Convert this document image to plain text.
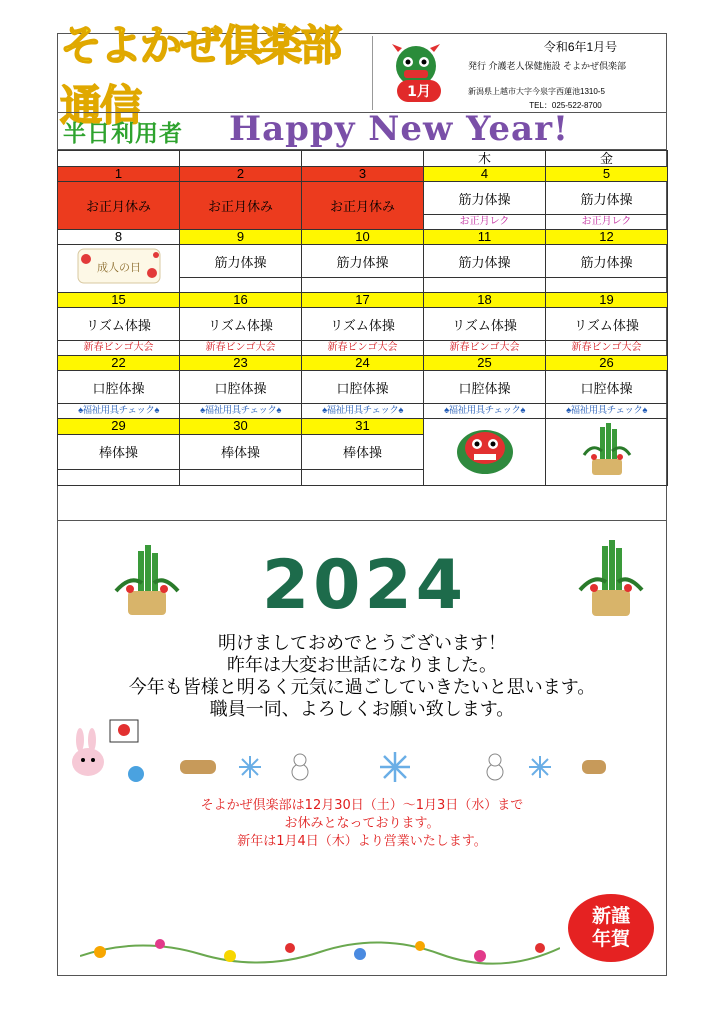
そよかぜ倶楽部 通信	1月
令和6年1月号
発行 介護老人保健施設 そよかぜ倶楽部
新潟県上越市大字今泉字西蓮池1310-5
TEL：025-522-8700
半日利用者 Happy New Year!
			木	金
1	2	3	4	5
お正月休み	お正月休み	お正月休み	筋力体操	筋力体操
			お正月レク	お正月レク
8	9	10	11	12

成人の日	筋力体操	筋力体操	筋力体操	筋力体操

15	16	17	18	19
リズム体操	リズム体操	リズム体操	リズム体操	リズム体操
新春ビンゴ大会	新春ビンゴ大会	新春ビンゴ大会	新春ビンゴ大会	新春ビンゴ大会
22	23	24	25	26
口腔体操	口腔体操	口腔体操	口腔体操	口腔体操
♠福祉用具チェック♠	♠福祉用具チェック♠	♠福祉用具チェック♠	♠福祉用具チェック♠	♠福祉用具チェック♠
29	30	31		
棒体操	棒体操	棒体操		

2024
明けましておめでとうございます！
昨年は大変お世話になりました。
今年も皆様と明るく元気に過ごしていきたいと思います。
職員一同、よろしくお願い致します。
そよかぜ倶楽部は12月30日（土）～1月3日（水）まで
お休みとなっております。
新年は1月4日（木）より営業いたします。
新謹
年賀
